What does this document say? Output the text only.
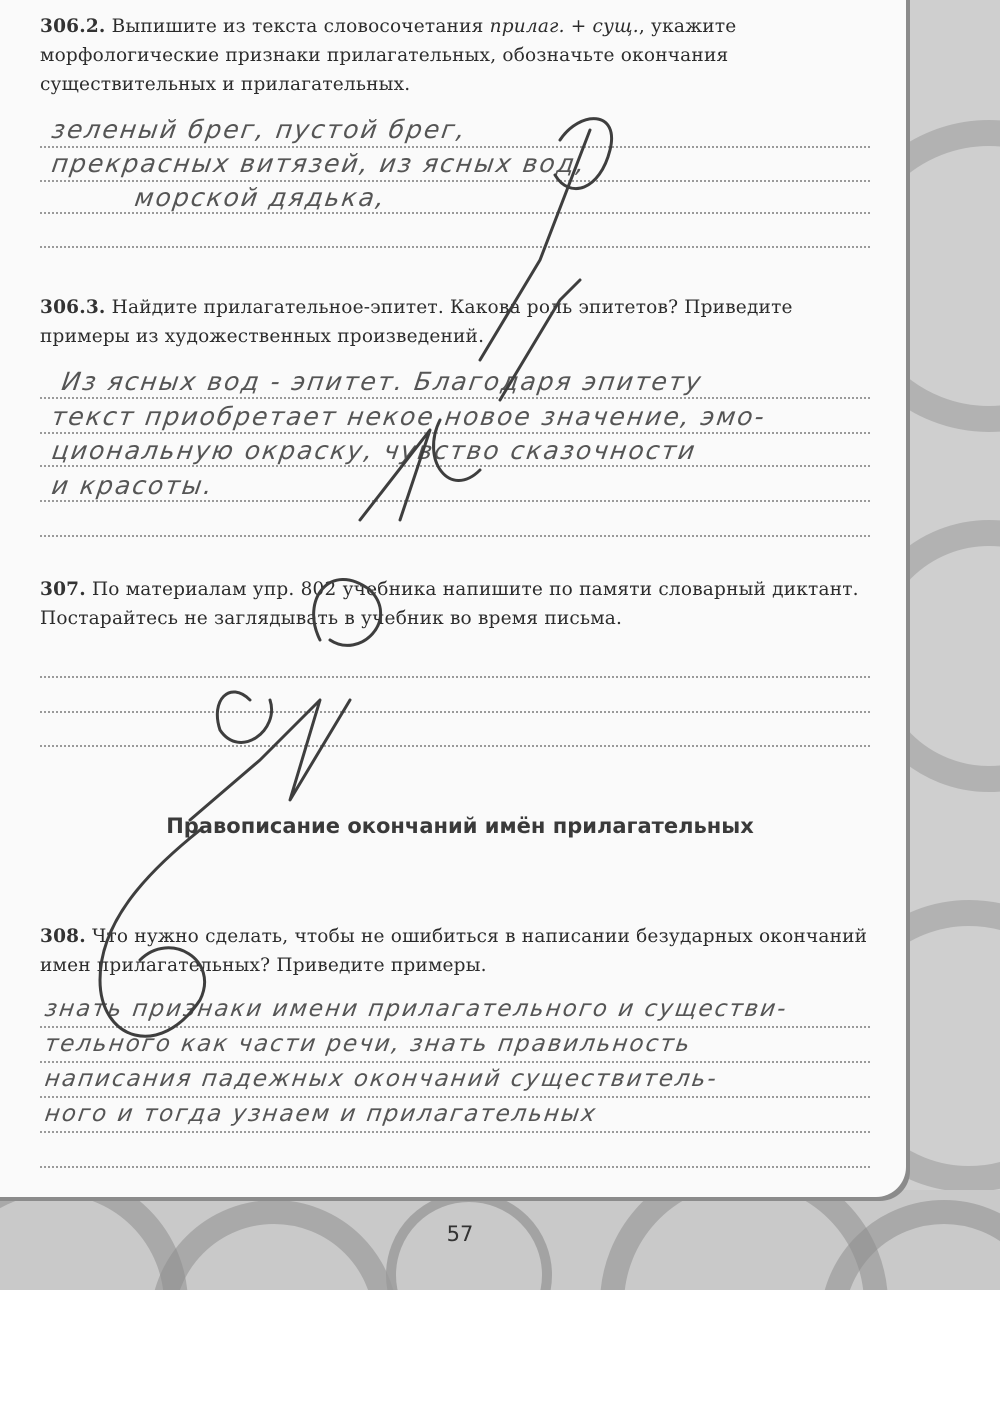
57
306.2. Выпишите из текста словосочетания прилаг. + сущ., укажите морфологические признаки прилагательных, обозначьте окончания существительных и прилагательных.
зеленый брег, пустой брег,
прекрасных витязей, из ясных вод,
морской дядька,
306.3. Найдите прилагательное-эпитет. Какова роль эпитетов? Приведите примеры из художественных произведений.
Из ясных вод - эпитет. Благодаря эпитету
текст приобретает некое новое значение, эмо-
циональную окраску, чувство сказочности
и красоты.
307. По материалам упр. 802 учебника напишите по памяти словарный диктант. Постарайтесь не заглядывать в учебник во время письма.
Правописание окончаний имён прилагательных
308. Что нужно сделать, чтобы не ошибиться в написании безударных окончаний имен прилагательных? Приведите примеры.
знать признаки имени прилагательного и существи-
тельного как части речи, знать правильность
написания падежных окончаний существитель-
ного и тогда узнаем и прилагательных
